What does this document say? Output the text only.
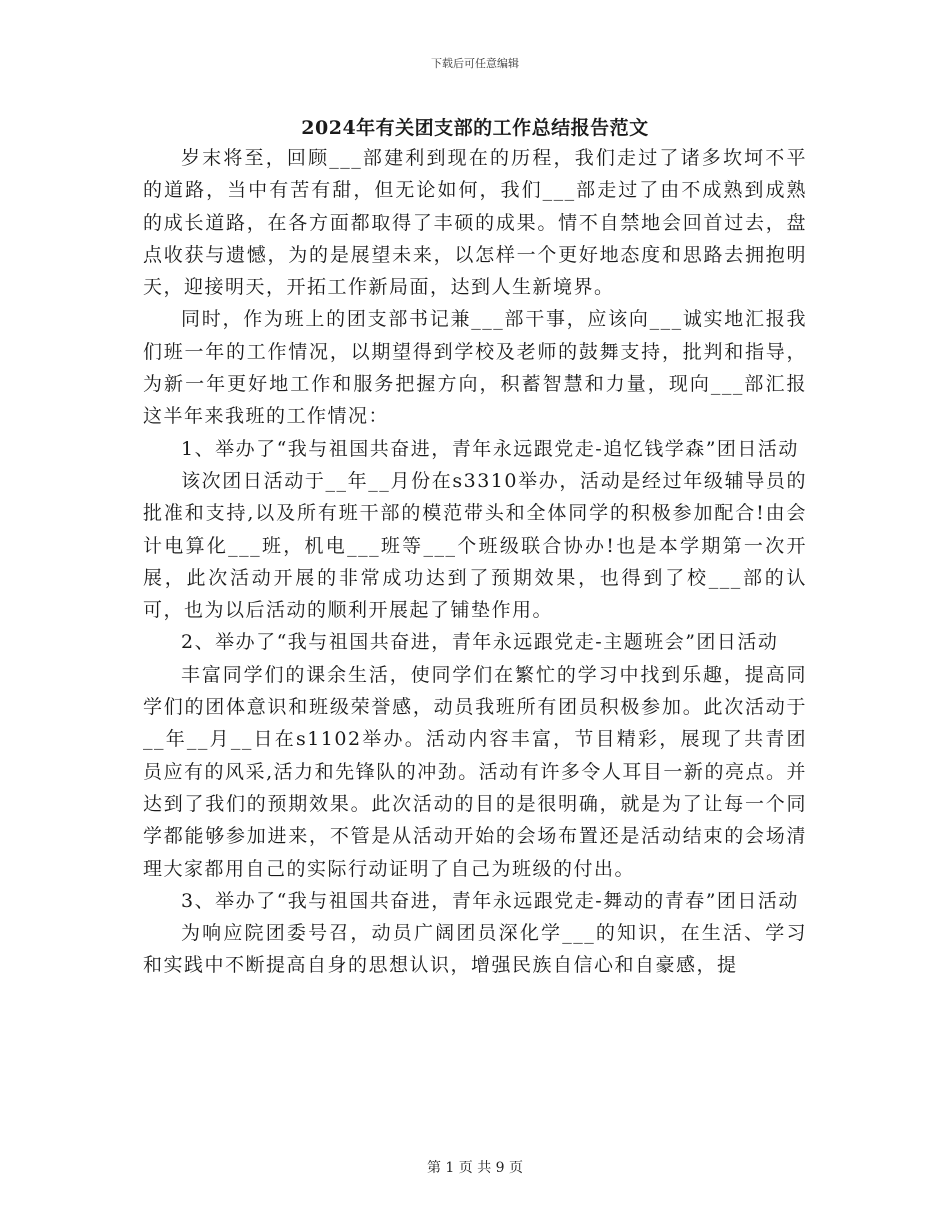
下载后可任意编辑
2024年有关团支部的工作总结报告范文

岁末将至，回顾___部建利到现在的历程，我们走过了诸多坎坷不平的道路，当中有苦有甜，但无论如何，我们___部走过了由不成熟到成熟的成长道路，在各方面都取得了丰硕的成果。情不自禁地会回首过去，盘点收获与遗憾，为的是展望未来，以怎样一个更好地态度和思路去拥抱明天，迎接明天，开拓工作新局面，达到人生新境界。

同时，作为班上的团支部书记兼___部干事，应该向___诚实地汇报我们班一年的工作情况，以期望得到学校及老师的鼓舞支持，批判和指导，为新一年更好地工作和服务把握方向，积蓄智慧和力量，现向___部汇报这半年来我班的工作情况：

1、举办了“我与祖国共奋进，青年永远跟党走-追忆钱学森”团日活动

该次团日活动于__年__月份在s3310举办，活动是经过年级辅导员的批准和支持,以及所有班干部的模范带头和全体同学的积极参加配合!由会计电算化___班，机电___班等___个班级联合协办!也是本学期第一次开展，此次活动开展的非常成功达到了预期效果，也得到了校___部的认可，也为以后活动的顺利开展起了铺垫作用。

2、举办了“我与祖国共奋进，青年永远跟党走-主题班会”团日活动

丰富同学们的课余生活，使同学们在繁忙的学习中找到乐趣，提高同学们的团体意识和班级荣誉感，动员我班所有团员积极参加。此次活动于__年__月__日在s1102举办。活动内容丰富，节目精彩，展现了共青团员应有的风采,活力和先锋队的冲劲。活动有许多令人耳目一新的亮点。并达到了我们的预期效果。此次活动的目的是很明确，就是为了让每一个同学都能够参加进来，不管是从活动开始的会场布置还是活动结束的会场清理大家都用自己的实际行动证明了自己为班级的付出。

3、举办了“我与祖国共奋进，青年永远跟党走-舞动的青春”团日活动

为响应院团委号召，动员广阔团员深化学___的知识，在生活、学习和实践中不断提高自身的思想认识，增强民族自信心和自豪感，提

第 1 页 共 9 页
